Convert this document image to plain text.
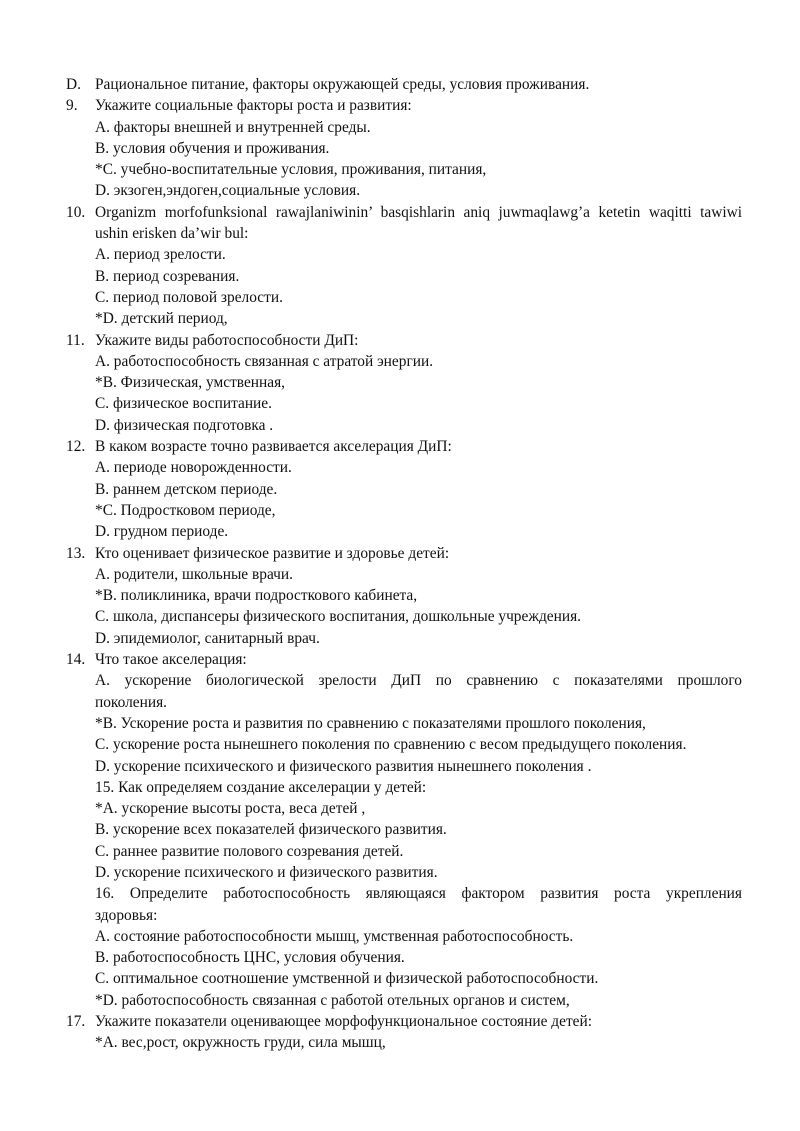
D. Рациональное питание, факторы окружающей среды, условия проживания.
9. Укажите социальные факторы роста и развития:
A. факторы внешней и внутренней среды.
B. условия обучения и проживания.
*C. учебно-воспитательные условия, проживания, питания,
D. экзоген,эндоген,социальные условия.
10. Organizm morfofunksional rawajlaniwinin’ basqishlarin aniq juwmaqlawg’a ketetin waqitti tawiwi
ushin erisken da’wir bul:
A. период зрелости.
B. период созревания.
C. период половой зрелости.
*D. детский период,
11. Укажите виды работоспособности ДиП:
A. работоспособность связанная с атратой энергии.
*B. Физическая, умственная,
C. физическое воспитание.
D. физическая подготовка .
12. В каком возрасте точно развивается акселерация ДиП:
A. периоде новорожденности.
B. раннем детском периоде.
*C. Подростковом периоде,
D. грудном периоде.
13. Кто оценивает физическое развитие и здоровье детей:
A. родители, школьные врачи.
*B. поликлиника, врачи подросткового кабинета,
C. школа, диспансеры физического воспитания, дошкольные учреждения.
D. эпидемиолог, санитарный врач.
14. Что такое акселерация:
A. ускорение биологической зрелости ДиП по сравнению с показателями прошлого
поколения.
*B. Ускорение роста и развития по сравнению с показателями прошлого поколения,
C. ускорение роста нынешнего поколения по сравнению с весом предыдущего поколения.
D. ускорение психического и физического развития нынешнего поколения .
15. Как определяем создание акселерации у детей:
*A. ускорение высоты роста, веса детей ,
B. ускорение всех показателей физического развития.
C. раннее развитие полового созревания детей.
D. ускорение психического и физического развития.
16. Определите работоспособность являющаяся фактором развития роста укрепления
здоровья:
A. состояние работоспособности мышц, умственная работоспособность.
B. работоспособность ЦНС, условия обучения.
C. оптимальное соотношение умственной и физической работоспособности.
*D. работоспособность связанная с работой отельных органов и систем,
17. Укажите показатели оценивающее морфофункциональное состояние детей:
*A. вес,рост, окружность груди, сила мышц,
